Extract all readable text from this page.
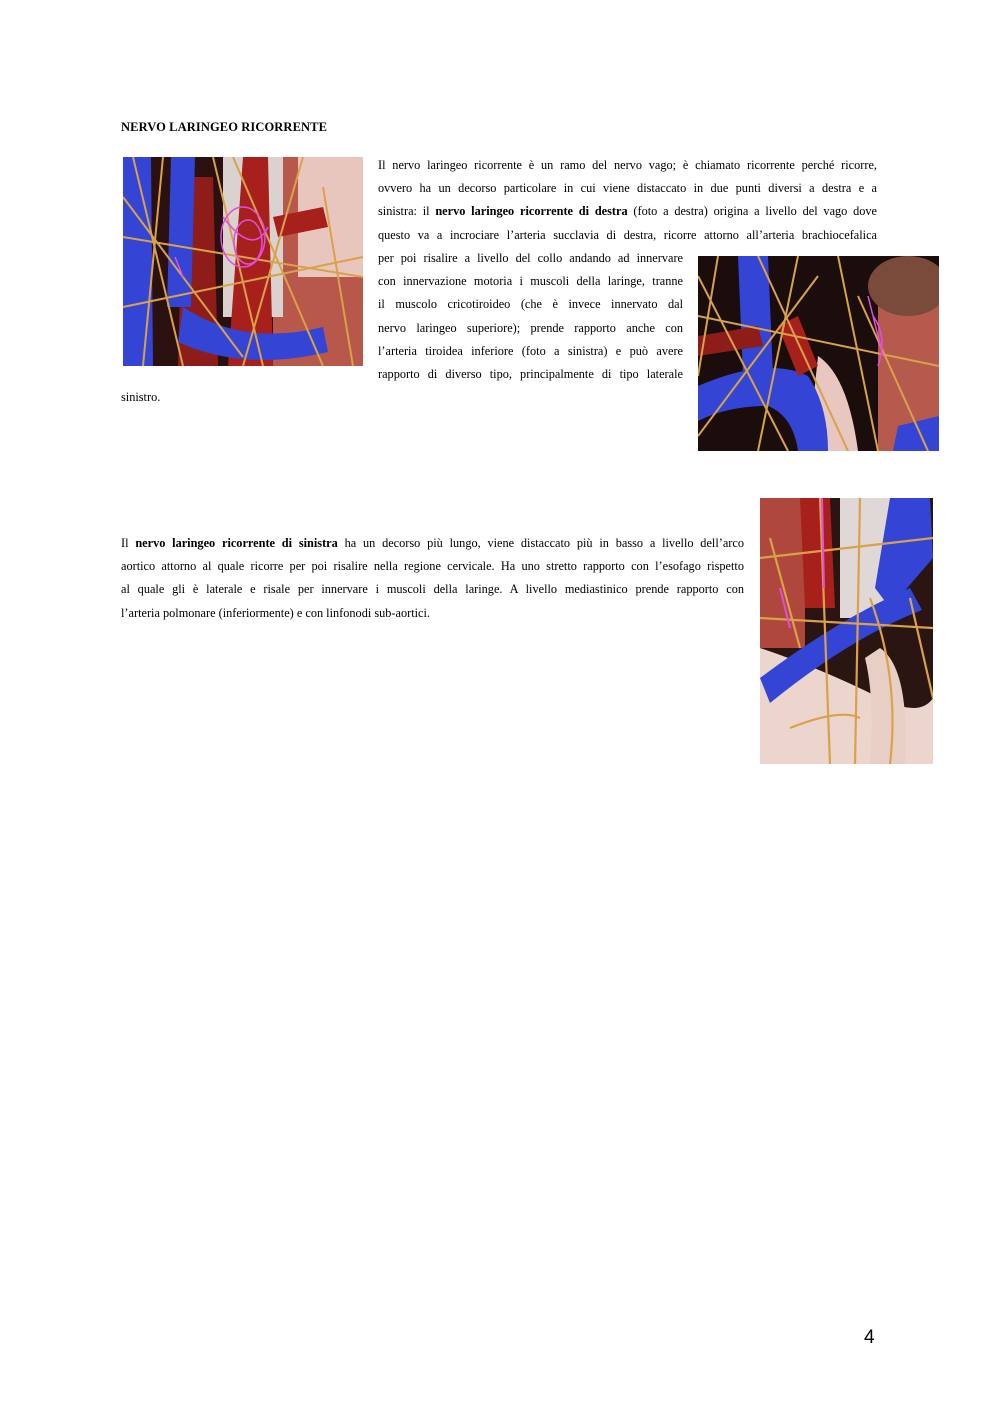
NERVO LARINGEO RICORRENTE
Il nervo laringeo ricorrente è un ramo del nervo vago; è chiamato ricorrente perché ricorre,
ovvero ha un decorso particolare in cui viene distaccato in due punti diversi a destra e a
sinistra: il nervo laringeo ricorrente di destra (foto a destra) origina a livello del vago dove
questo va a incrociare l’arteria succlavia di destra, ricorre attorno all’arteria brachiocefalica
per poi risalire a livello del collo andando ad innervare
con innervazione motoria i muscoli della laringe, tranne
il muscolo cricotiroideo (che è invece innervato dal
nervo laringeo superiore); prende rapporto anche con
l’arteria tiroidea inferiore (foto a sinistra) e può avere
rapporto di diverso tipo, principalmente di tipo laterale
sinistro.
Il nervo laringeo ricorrente di sinistra ha un decorso più lungo, viene distaccato più in basso a livello dell’arco
aortico attorno al quale ricorre per poi risalire nella regione cervicale. Ha uno stretto rapporto con l’esofago rispetto
al quale gli è laterale e risale per innervare i muscoli della laringe. A livello mediastinico prende rapporto con
l’arteria polmonare (inferiormente) e con linfonodi sub-aortici.
4
